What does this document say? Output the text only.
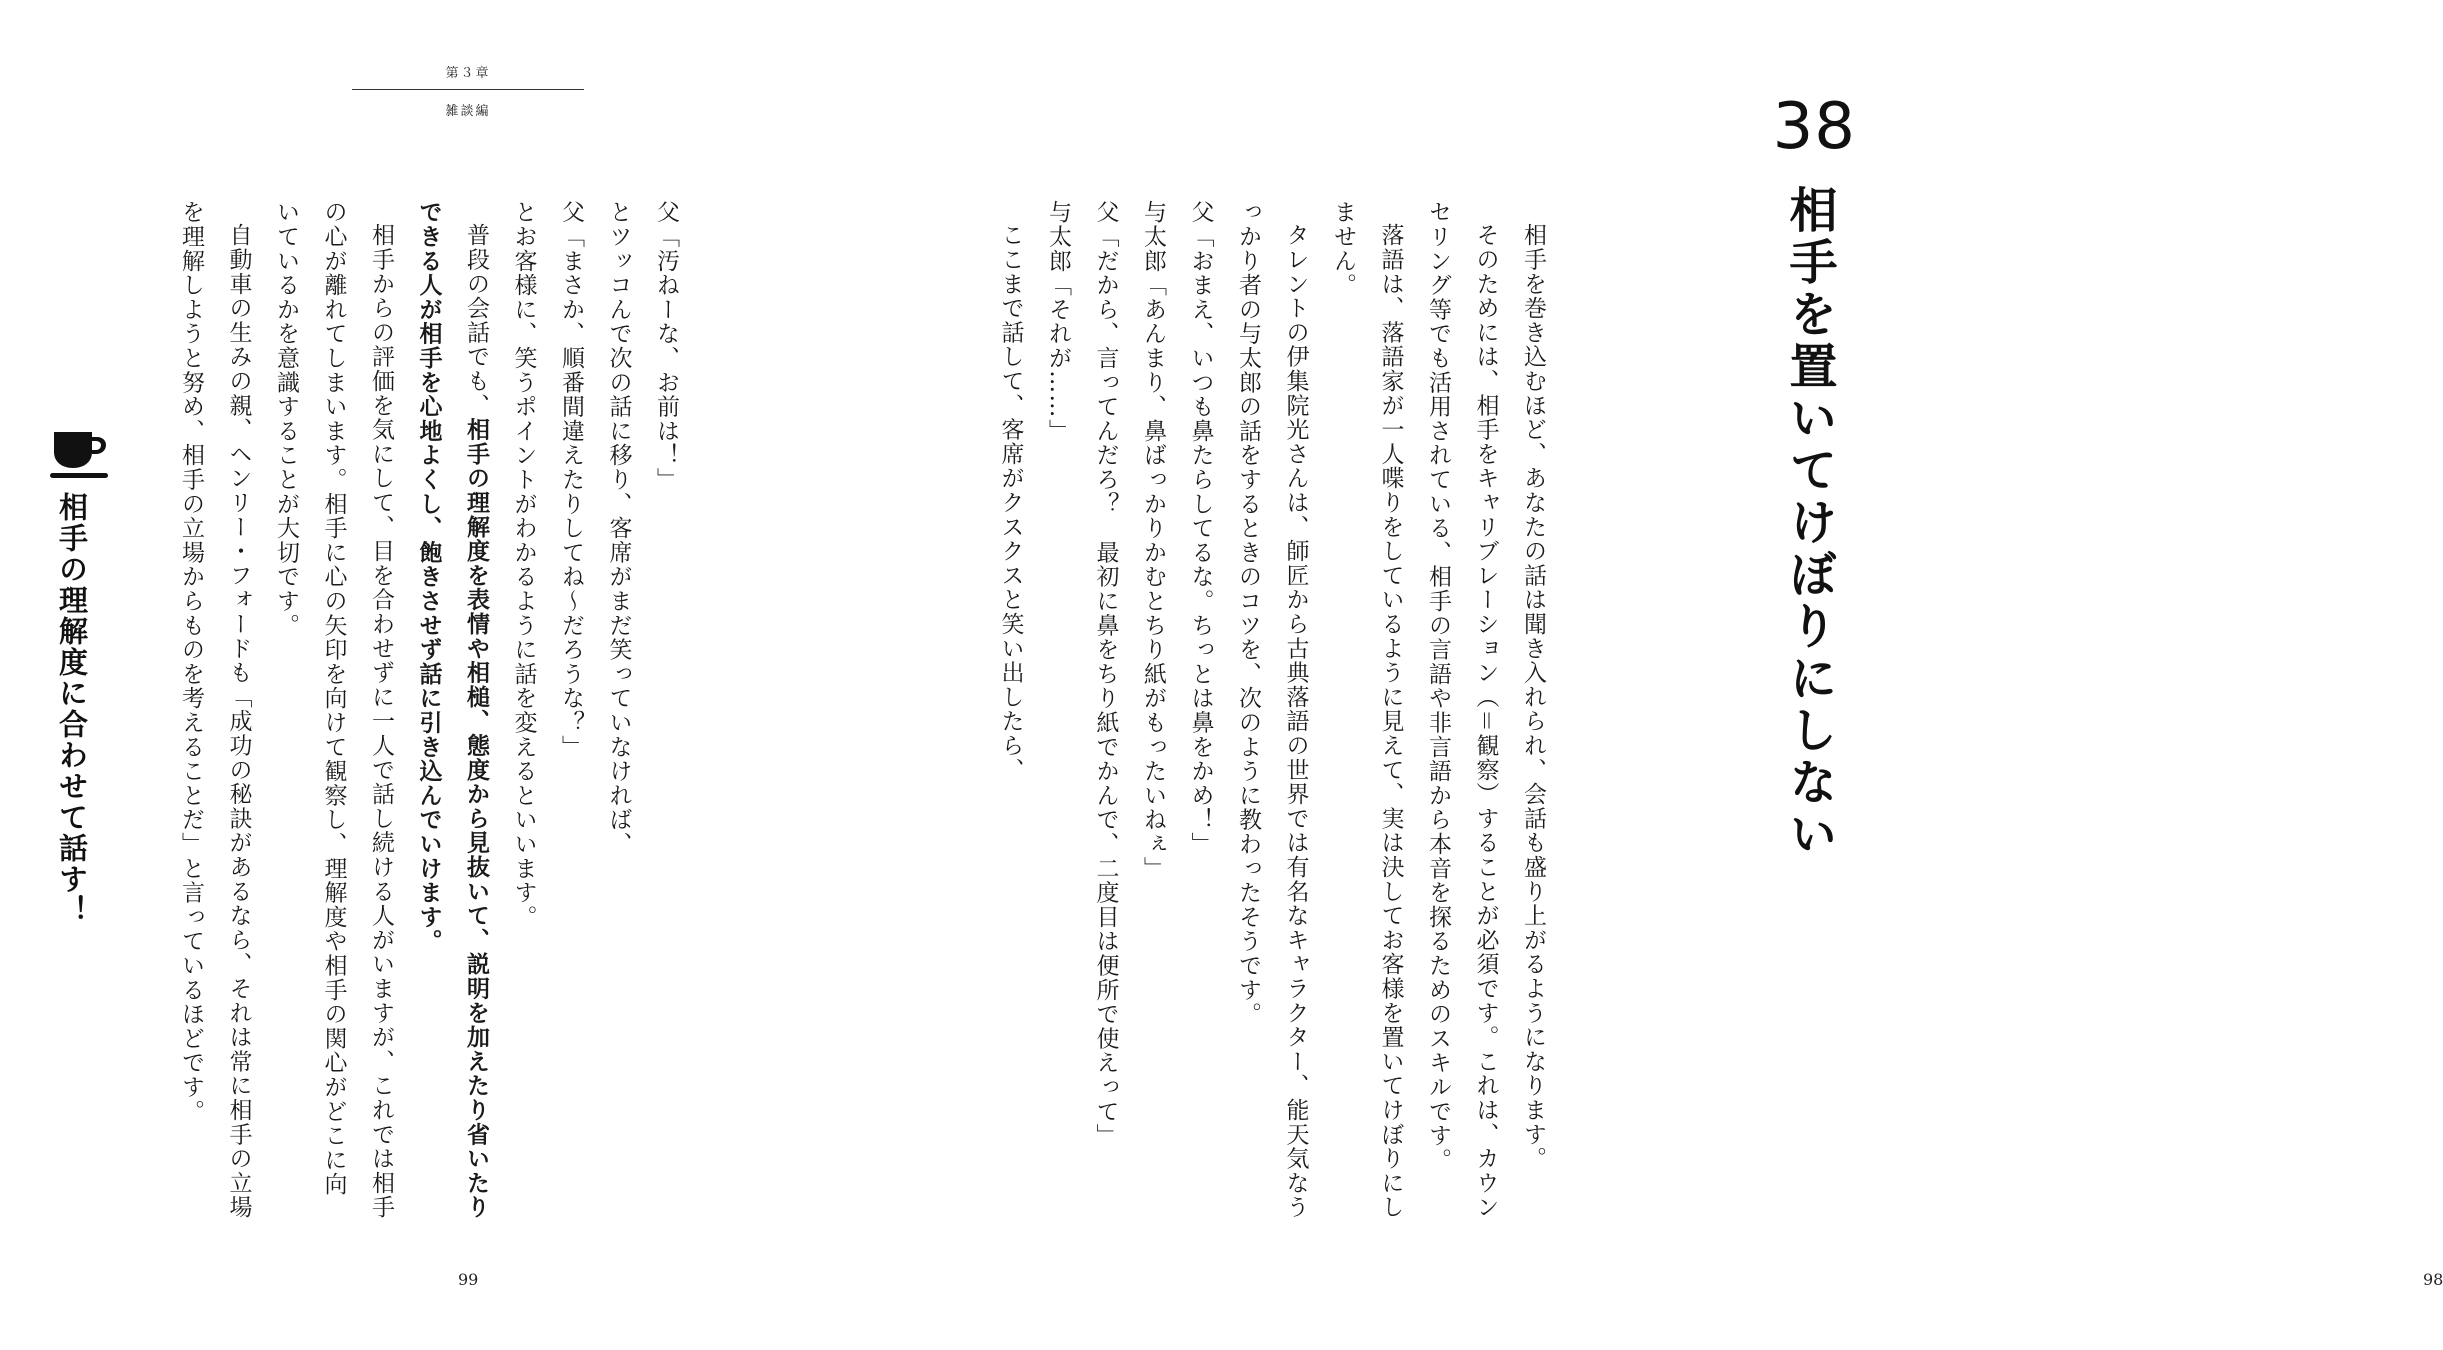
第３章
雑談編

父「汚ねーな、お前は！」

とツッコんで次の話に移り、客席がまだ笑っていなければ、

父「まさか、順番間違えたりしてね〜だろうな？」

とお客様に、笑うポイントがわかるように話を変えるといいます。

普段の会話でも、相手の理解度を表情や相槌、態度から見抜いて、説明を加えたり省いたりできる人が相手を心地よくし、飽きさせず話に引き込んでいけます。

相手からの評価を気にして、目を合わせずに一人で話し続ける人がいますが、これでは相手の心が離れてしまいます。相手に心の矢印を向けて観察し、理解度や相手の関心がどこに向いているかを意識することが大切です。

自動車の生みの親、ヘンリー・フォードも「成功の秘訣があるなら、それは常に相手の立場を理解しようと努め、相手の立場からものを考えることだ」と言っているほどです。

相手の理解度に合わせて話す！
99
38
相手を置いてけぼりにしない

相手を巻き込むほど、あなたの話は聞き入れられ、会話も盛り上がるようになります。

そのためには、相手をキャリブレーション（＝観察）することが必須です。これは、カウンセリング等でも活用されている、相手の言語や非言語から本音を探るためのスキルです。

落語は、落語家が一人喋りをしているように見えて、実は決してお客様を置いてけぼりにしません。

タレントの伊集院光さんは、師匠から古典落語の世界では有名なキャラクター、能天気なうっかり者の与太郎の話をするときのコツを、次のように教わったそうです。

父「おまえ、いつも鼻たらしてるな。ちっとは鼻をかめ！」

与太郎「あんまり、鼻ばっかりかむとちり紙がもったいねぇ」

父「だから、言ってんだろ？　最初に鼻をちり紙でかんで、二度目は便所で使えって」

与太郎「それが……」

ここまで話して、客席がクスクスと笑い出したら、

98
